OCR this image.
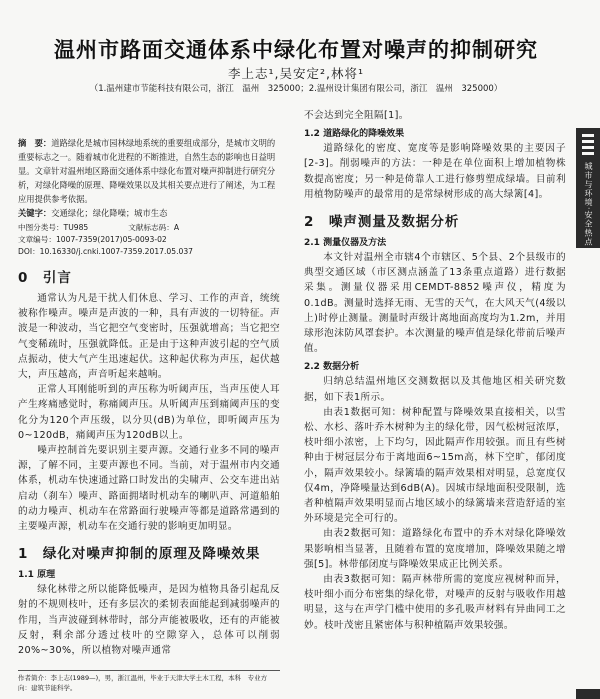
温州市路面交通体系中绿化布置对噪声的抑制研究
李上志¹,吴安定²,林将¹
（1.温州建市节能科技有限公司，浙江　温州　325000；2.温州设计集团有限公司，浙江　温州　325000）
摘　要：道路绿化是城市园林绿地系统的重要组成部分，是城市文明的重要标志之一。随着城市化进程的不断推进，自然生态的影响也日益明显。文章针对温州地区路面交通体系中绿化布置对噪声抑制进行研究分析，对绿化降噪的原理、降噪效果以及其相关要点进行了阐述，为工程应用提供参考依据。
关键字：交通绿化；绿化降噪；城市生态
中图分类号：TU985	文献标志码：A
文章编号：1007-7359(2017)05-0093-02
DOI：10.16330/j.cnki.1007-7359.2017.05.037
0　引言

通常认为凡是干扰人们休息、学习、工作的声音，统统被称作噪声。噪声是声波的一种，具有声波的一切特征。声波是一种波动，当它把空气变密时，压强就增高；当它把空气变稀疏时，压强就降低。正是由于这种声波引起的空气质点振动，使大气产生迅速起伏。这种起伏称为声压，起伏越大，声压越高，声音听起来越响。

正常人耳刚能听到的声压称为听阈声压，当声压使人耳产生疼痛感觉时，称痛阈声压。从听阈声压到痛阈声压的变化分为120个声压级，以分贝(dB)为单位，即听阈声压为0~120dB，痛阈声压为120dB以上。

噪声控制首先要识别主要声源。交通行业多不同的噪声源，了解不同，主要声源也不同。当前，对于温州市内交通体系，机动车快速通过路口时发出的尖啸声、公交车进出站启动（刹车）噪声、路面拥堵时机动车的喇叭声、河道船舶的动力噪声、机动车在常路面行驶噪声等都是道路常遇到的主要噪声源，机动车在交通行驶的影响更加明显。

1　绿化对噪声抑制的原理及降噪效果
1.1 原理

绿化林带之所以能降低噪声，是因为植物具备引起乱反射的不规则枝叶，还有多层次的柔韧表面能起到减弱噪声的作用，当声波碰到林带时，部分声能被吸收，还有的声能被反射，剩余部分透过枝叶的空隙穿入，总体可以削弱20%~30%，所以植物对噪声通常

不会达到完全阻隔[1]。

1.2 道路绿化的降噪效果

道路绿化的密度、宽度等是影响降噪效果的主要因子[2-3]。削弱噪声的方法：一种是在单位面积上增加植物株数提高密度；另一种是倚靠人工进行修剪塑成绿墙。目前利用植物防噪声的最常用的是常绿树形成的高大绿篱[4]。

2　噪声测量及数据分析
2.1 测量仪器及方法

本文针对温州全市辖4个市辖区、5个县、2个县级市的典型交通区域（市区测点涵盖了13条重点道路）进行数据采集。测量仪器采用CEMDT-8852噪声仪，精度为0.1dB。测量时选择无雨、无雪的天气，在大风天气(4级以上)时停止测量。测量时声级计离地面高度均为1.2m，并用球形泡沫防风罩套护。本次测量的噪声值是绿化带前后噪声值。

2.2 数据分析

归纳总结温州地区交测数据以及其他地区相关研究数据，如下表1所示。

由表1数据可知：树种配置与降噪效果直接相关，以雪松、水杉、落叶乔木树种为主的绿化带，因气松树冠浓厚，枝叶细小浓密，上下均匀，因此隔声作用较强。而且有些树种由于树冠层分布于离地面6~15m高，林下空旷，郁闭度小，隔声效果较小。绿篱墙的隔声效果相对明显，总宽度仅仅4m，净降噪量达到6dB(A)。因城市绿地面积受限制，选者种植隔声效果明显而占地区域小的绿篱墙来营造舒适的室外环境是完全可行的。

由表2数据可知：道路绿化布置中的乔木对绿化降噪效果影响相当显著，且随着布置的宽度增加，降噪效果随之增强[5]。林带郁闭度与降噪效果成正比例关系。

由表3数据可知：隔声林带所需的宽度应视树种而异，枝叶细小而分布密集的绿化带，对噪声的反射与吸收作用越明显，这与在声学门槛中使用的多孔吸声材料有异曲同工之妙。枝叶茂密且紧密体与积种植隔声效果较强。

作者简介：李上志(1989—)，男，浙江温州，毕业于天津大学土木工程，本科　专业方向：建筑节能科学。
城市与环境·安全热点
